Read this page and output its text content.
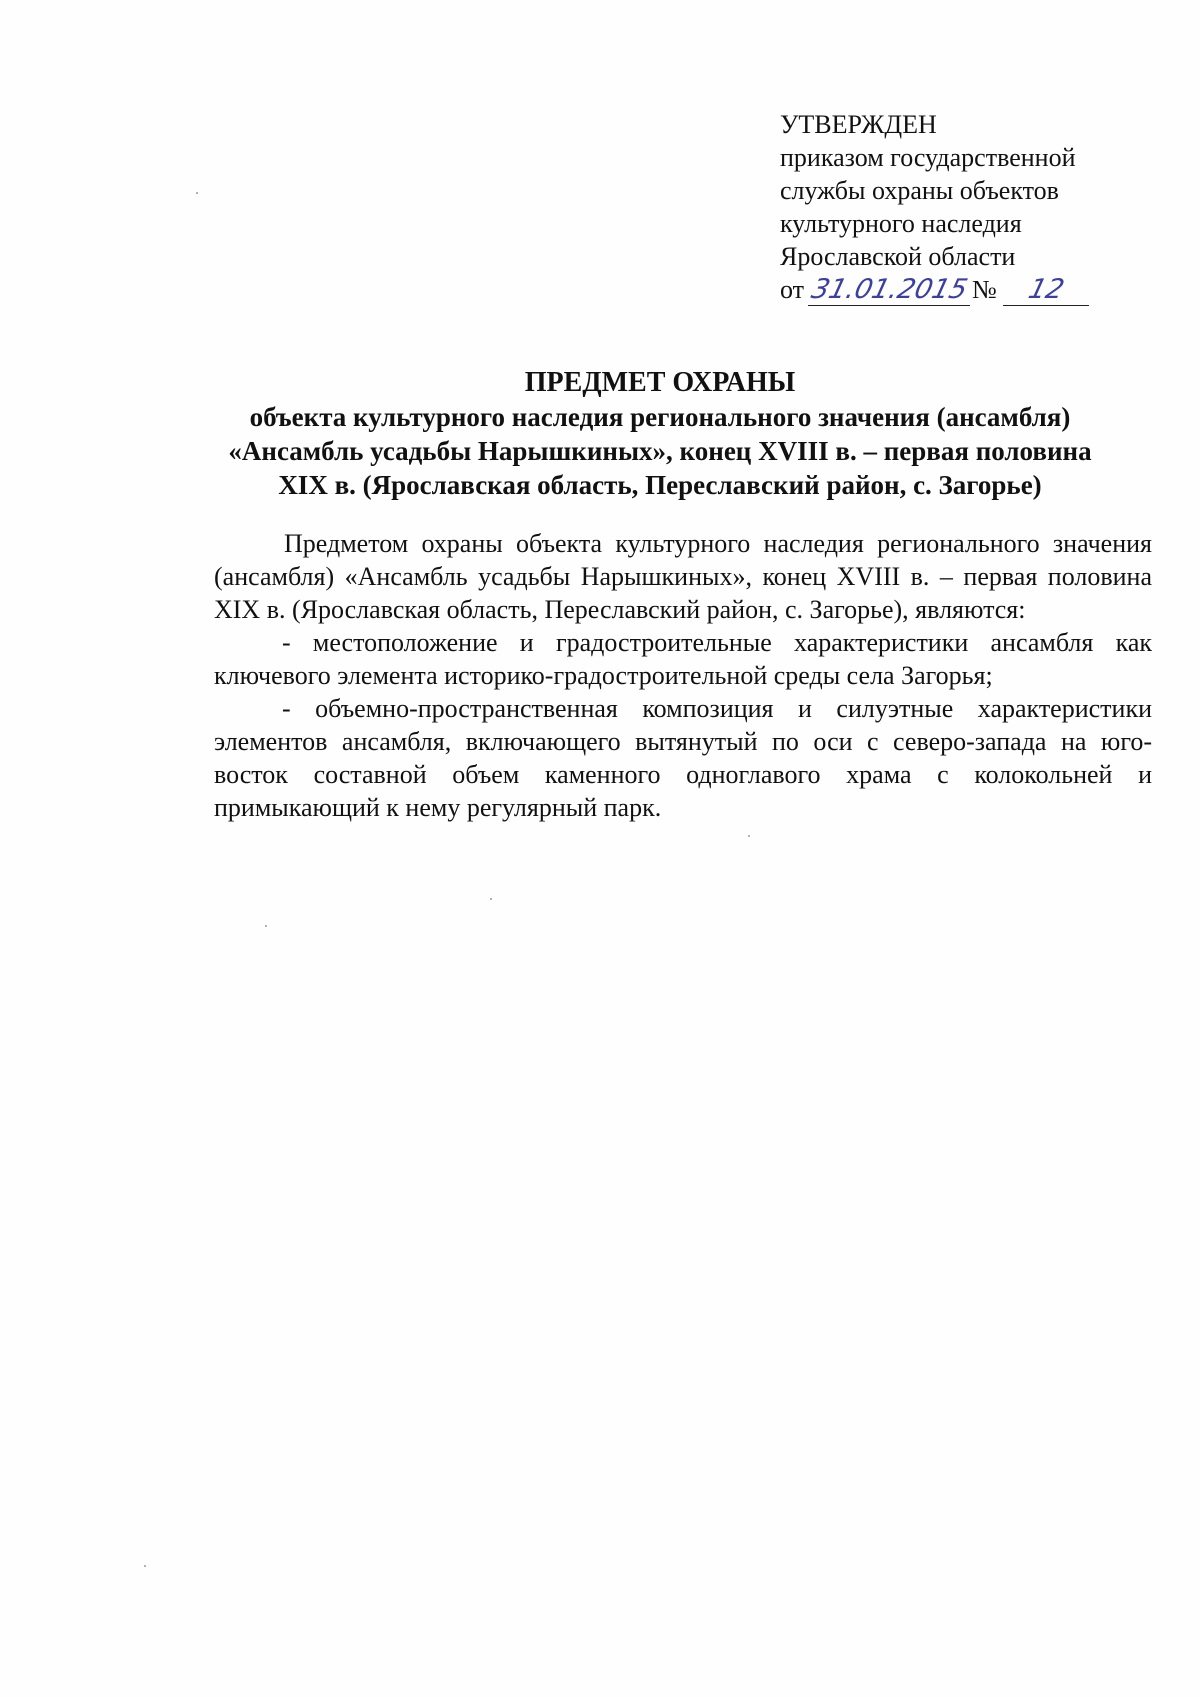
УТВЕРЖДЕН
приказом государственной
службы охраны объектов
культурного наследия
Ярославской области
от 31.01.2015 №	12
ПРЕДМЕТ ОХРАНЫ
объекта культурного наследия регионального значения (ансамбля)
«Ансамбль усадьбы Нарышкиных», конец XVIII в. – первая половина
XIX в. (Ярославская область, Переславский район, с. Загорье)

Предметом охраны объекта культурного наследия регионального значения (ансамбля) «Ансамбль усадьбы Нарышкиных», конец XVIII в. – первая половина XIX в. (Ярославская область, Переславский район, с. Загорье), являются:

- местоположение и градостроительные характеристики ансамбля как ключевого элемента историко-градостроительной среды села Загорья;

- объемно-пространственная композиция и силуэтные характеристики элементов ансамбля, включающего вытянутый по оси с северо-запада на юго-восток составной объем каменного одноглавого храма с колокольней и примыкающий к нему регулярный парк.
